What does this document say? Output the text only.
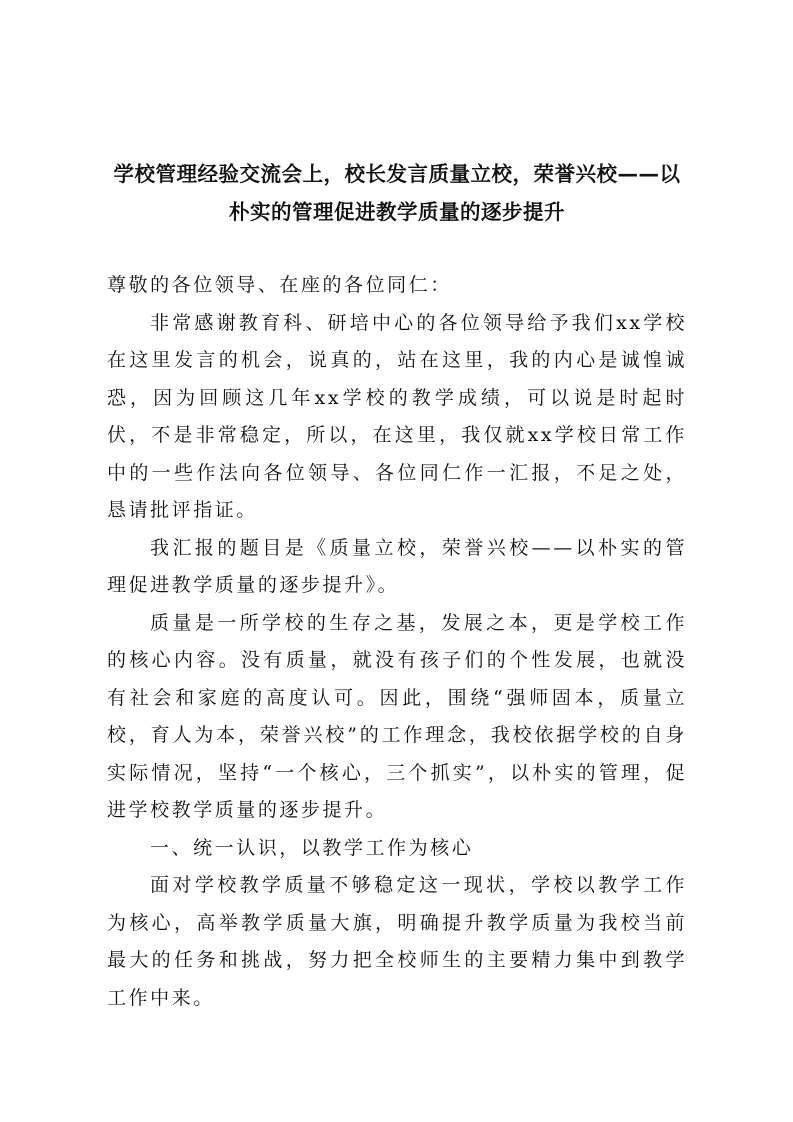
学校管理经验交流会上，校长发言质量立校，荣誉兴校——以
朴实的管理促进教学质量的逐步提升

尊敬的各位领导、在座的各位同仁：

非常感谢教育科、研培中心的各位领导给予我们xx学校在这里发言的机会，说真的，站在这里，我的内心是诚惶诚恐，因为回顾这几年xx学校的教学成绩，可以说是时起时伏，不是非常稳定，所以，在这里，我仅就xx学校日常工作中的一些作法向各位领导、各位同仁作一汇报，不足之处，恳请批评指证。

我汇报的题目是《质量立校，荣誉兴校——以朴实的管理促进教学质量的逐步提升》。

质量是一所学校的生存之基，发展之本，更是学校工作的核心内容。没有质量，就没有孩子们的个性发展，也就没有社会和家庭的高度认可。因此，围绕“强师固本，质量立校，育人为本，荣誉兴校”的工作理念，我校依据学校的自身实际情况，坚持“一个核心，三个抓实”，以朴实的管理，促进学校教学质量的逐步提升。

一、统一认识，以教学工作为核心

面对学校教学质量不够稳定这一现状，学校以教学工作为核心，高举教学质量大旗，明确提升教学质量为我校当前最大的任务和挑战，努力把全校师生的主要精力集中到教学工作中来。
